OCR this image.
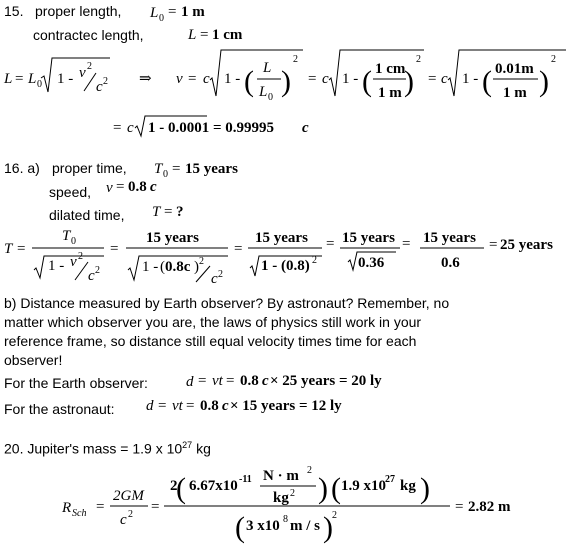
15. proper length, L 0 = 1 m
contractec length,	L = 1 cm
L = L 0 1 - v 2
c 2 ⇒ v = c 1 - ( L
L 0 )
2
= c 1 - ( 1 cm
1 m )
2
= c 1 - ( 0.01m
1 m )
2
= c 1 - 0.0001 = 0.99995 c
16. a) proper time, T 0 = 15 years
speed, v = 0.8 c
dilated time, T = ?
T =
T 0
1 - v 2
c 2
=
15 years
1 - ( 0.8c ) 2
c 2
=
15 years
1 - (0.8) 2
= 15 years
0.36
= 15 years
0.6
= 25 years
b) Distance measured by Earth observer? By astronaut? Remember, no
matter which observer you are, the laws of physics still work in your
reference frame, so distance still equal velocity times time for each
observer!
For the Earth observer:	d = vt = 0.8 c × 25 years = 20 ly
For the astronaut: d = vt = 0.8 c × 15 years = 12 ly
20. Jupiter's mass = 1.9 x $10^{27}$ kg
R Sch =
2GM
c 2 =
2
( 6.67x10 -11 N · m 2
kg 2 ) ( 1.9 x10 27 kg )
( 3 x10 8 m / s ) 2
= 2.82 m
